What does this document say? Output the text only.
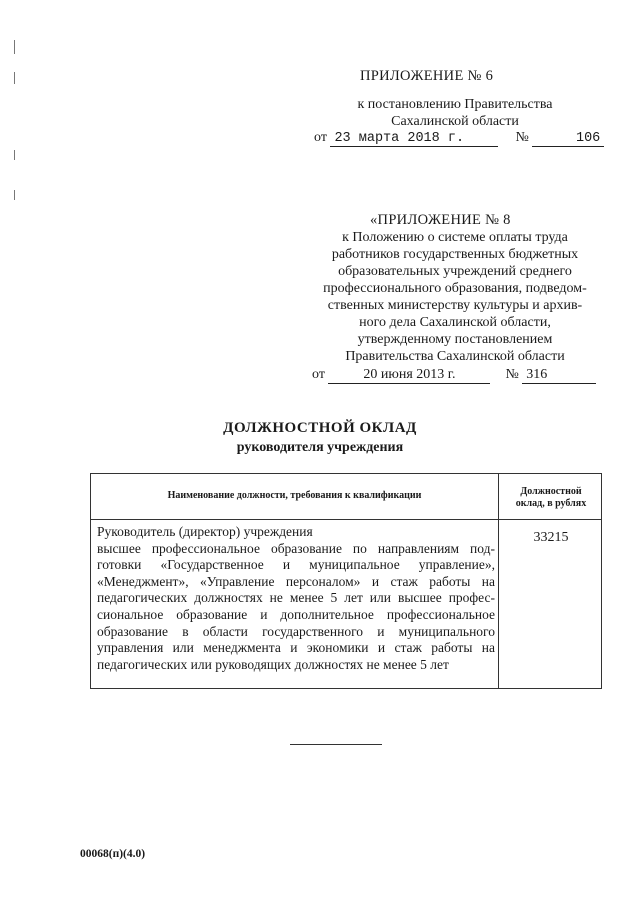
ПРИЛОЖЕНИЕ № 6
к постановлению Правительства
Сахалинской области
от 23 марта 2018 г.	№	106
«ПРИЛОЖЕНИЕ № 8
к Положению о системе оплаты труда
работников государственных бюджетных
образовательных учреждений среднего
профессионального образования, подведом-
ственных министерству культуры и архив-
ного дела Сахалинской области,
утвержденному постановлением
Правительства Сахалинской области
от	20 июня 2013 г.	№ 316
ДОЛЖНОСТНОЙ ОКЛАД
руководителя учреждения
Наименование должности, требования к квалификации	Должностной
оклад, в рублях
Руководитель (директор) учреждения
высшее профессиональное образование по направлениям под-
готовки «Государственное и муниципальное управление»,
«Менеджмент», «Управление персоналом» и стаж работы на
педагогических должностях не менее 5 лет или высшее профес-
сиональное образование и дополнительное профессиональное
образование в области государственного и муниципального
управления или менеджмента и экономики и стаж работы на
педагогических или руководящих должностях не менее 5 лет
33215
00068(п)(4.0)
